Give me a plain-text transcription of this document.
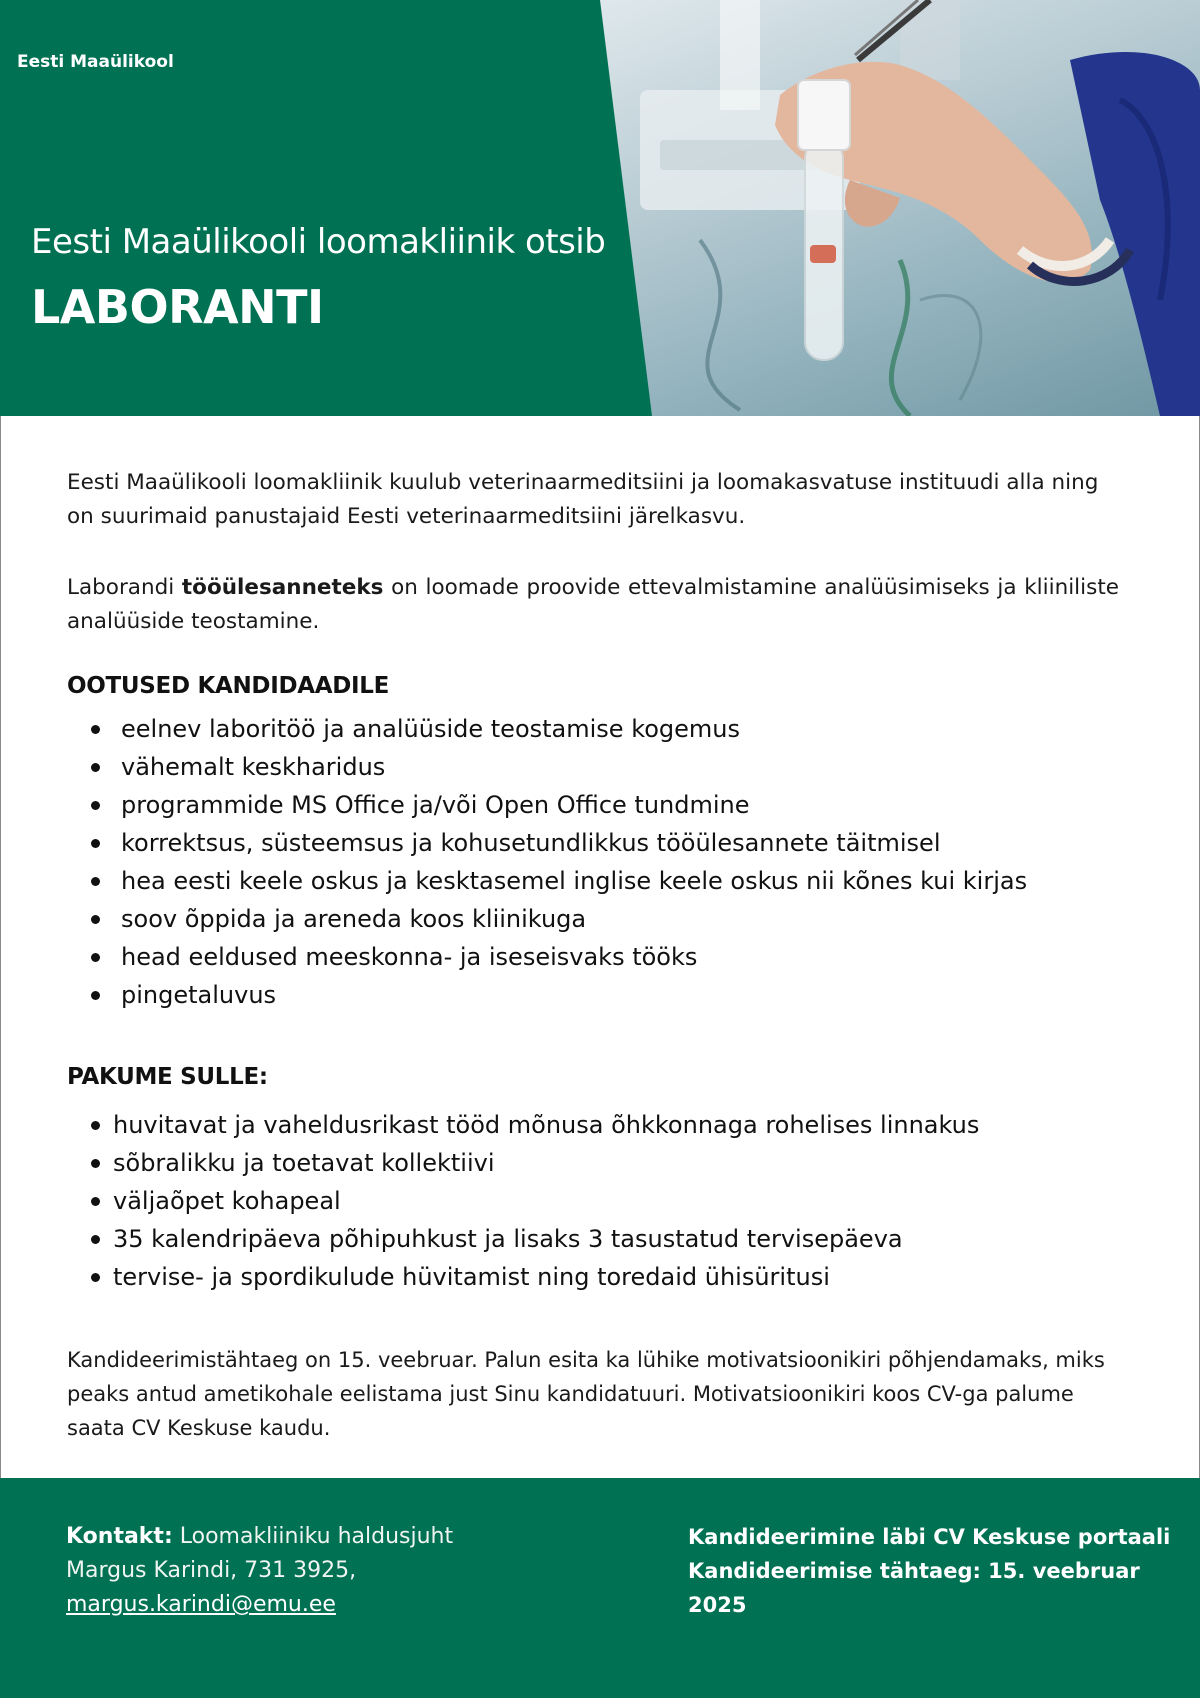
Eesti Maaülikool
Eesti Maaülikooli loomakliinik otsib
LABORANTI

Eesti Maaülikooli loomakliinik kuulub veterinaarmeditsiini ja loomakasvatuse instituudi alla ning on suurimaid panustajaid Eesti veterinaarmeditsiini järelkasvu.

Laborandi tööülesanneteks on loomade proovide ettevalmistamine analüüsimiseks ja kliiniliste analüüside teostamine.

OOTUSED KANDIDAADILE
eelnev laboritöö ja analüüside teostamise kogemus
vähemalt keskharidus
programmide MS Office ja/või Open Office tundmine
korrektsus, süsteemsus ja kohusetundlikkus tööülesannete täitmisel
hea eesti keele oskus ja kesktasemel inglise keele oskus nii kõnes kui kirjas
soov õppida ja areneda koos kliinikuga
head eeldused meeskonna- ja iseseisvaks tööks
pingetaluvus
PAKUME SULLE:
huvitavat ja vaheldusrikast tööd mõnusa õhkkonnaga rohelises linnakus
sõbralikku ja toetavat kollektiivi
väljaõpet kohapeal
35 kalendripäeva põhipuhkust ja lisaks 3 tasustatud tervisepäeva
tervise- ja spordikulude hüvitamist ning toredaid ühisüritusi

Kandideerimistähtaeg on 15. veebruar. Palun esita ka lühike motivatsioonikiri põhjendamaks, miks peaks antud ametikohale eelistama just Sinu kandidatuuri. Motivatsioonikiri koos CV-ga palume saata CV Keskuse kaudu.

Kontakt: Loomakliiniku haldusjuht
Margus Karindi, 731 3925,
margus.karindi@emu.ee
Kandideerimine läbi CV Keskuse portaali
Kandideerimise tähtaeg: 15. veebruar 2025
